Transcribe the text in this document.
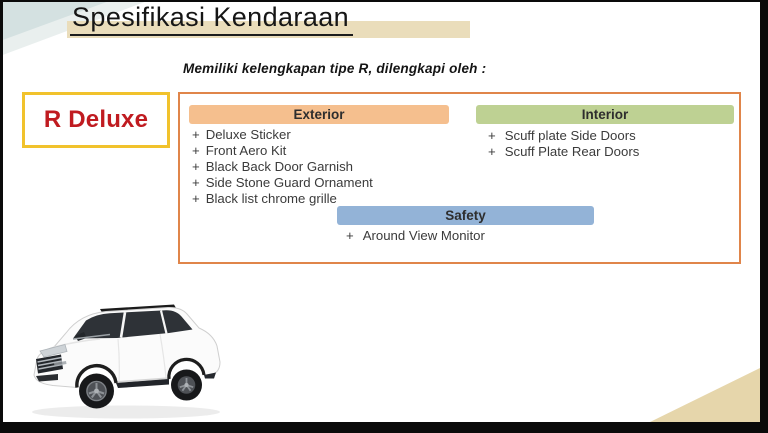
Spesifikasi Kendaraan
Memiliki kelengkapan tipe R, dilengkapi oleh :
R Deluxe	Exterior
+ Deluxe Sticker
+ Front Aero Kit
+ Black Back Door Garnish
+ Side Stone Guard Ornament
+ Black list chrome grille
Interior
+ Scuff plate Side Doors
+ Scuff Plate Rear Doors
Safety
+ Around View Monitor
